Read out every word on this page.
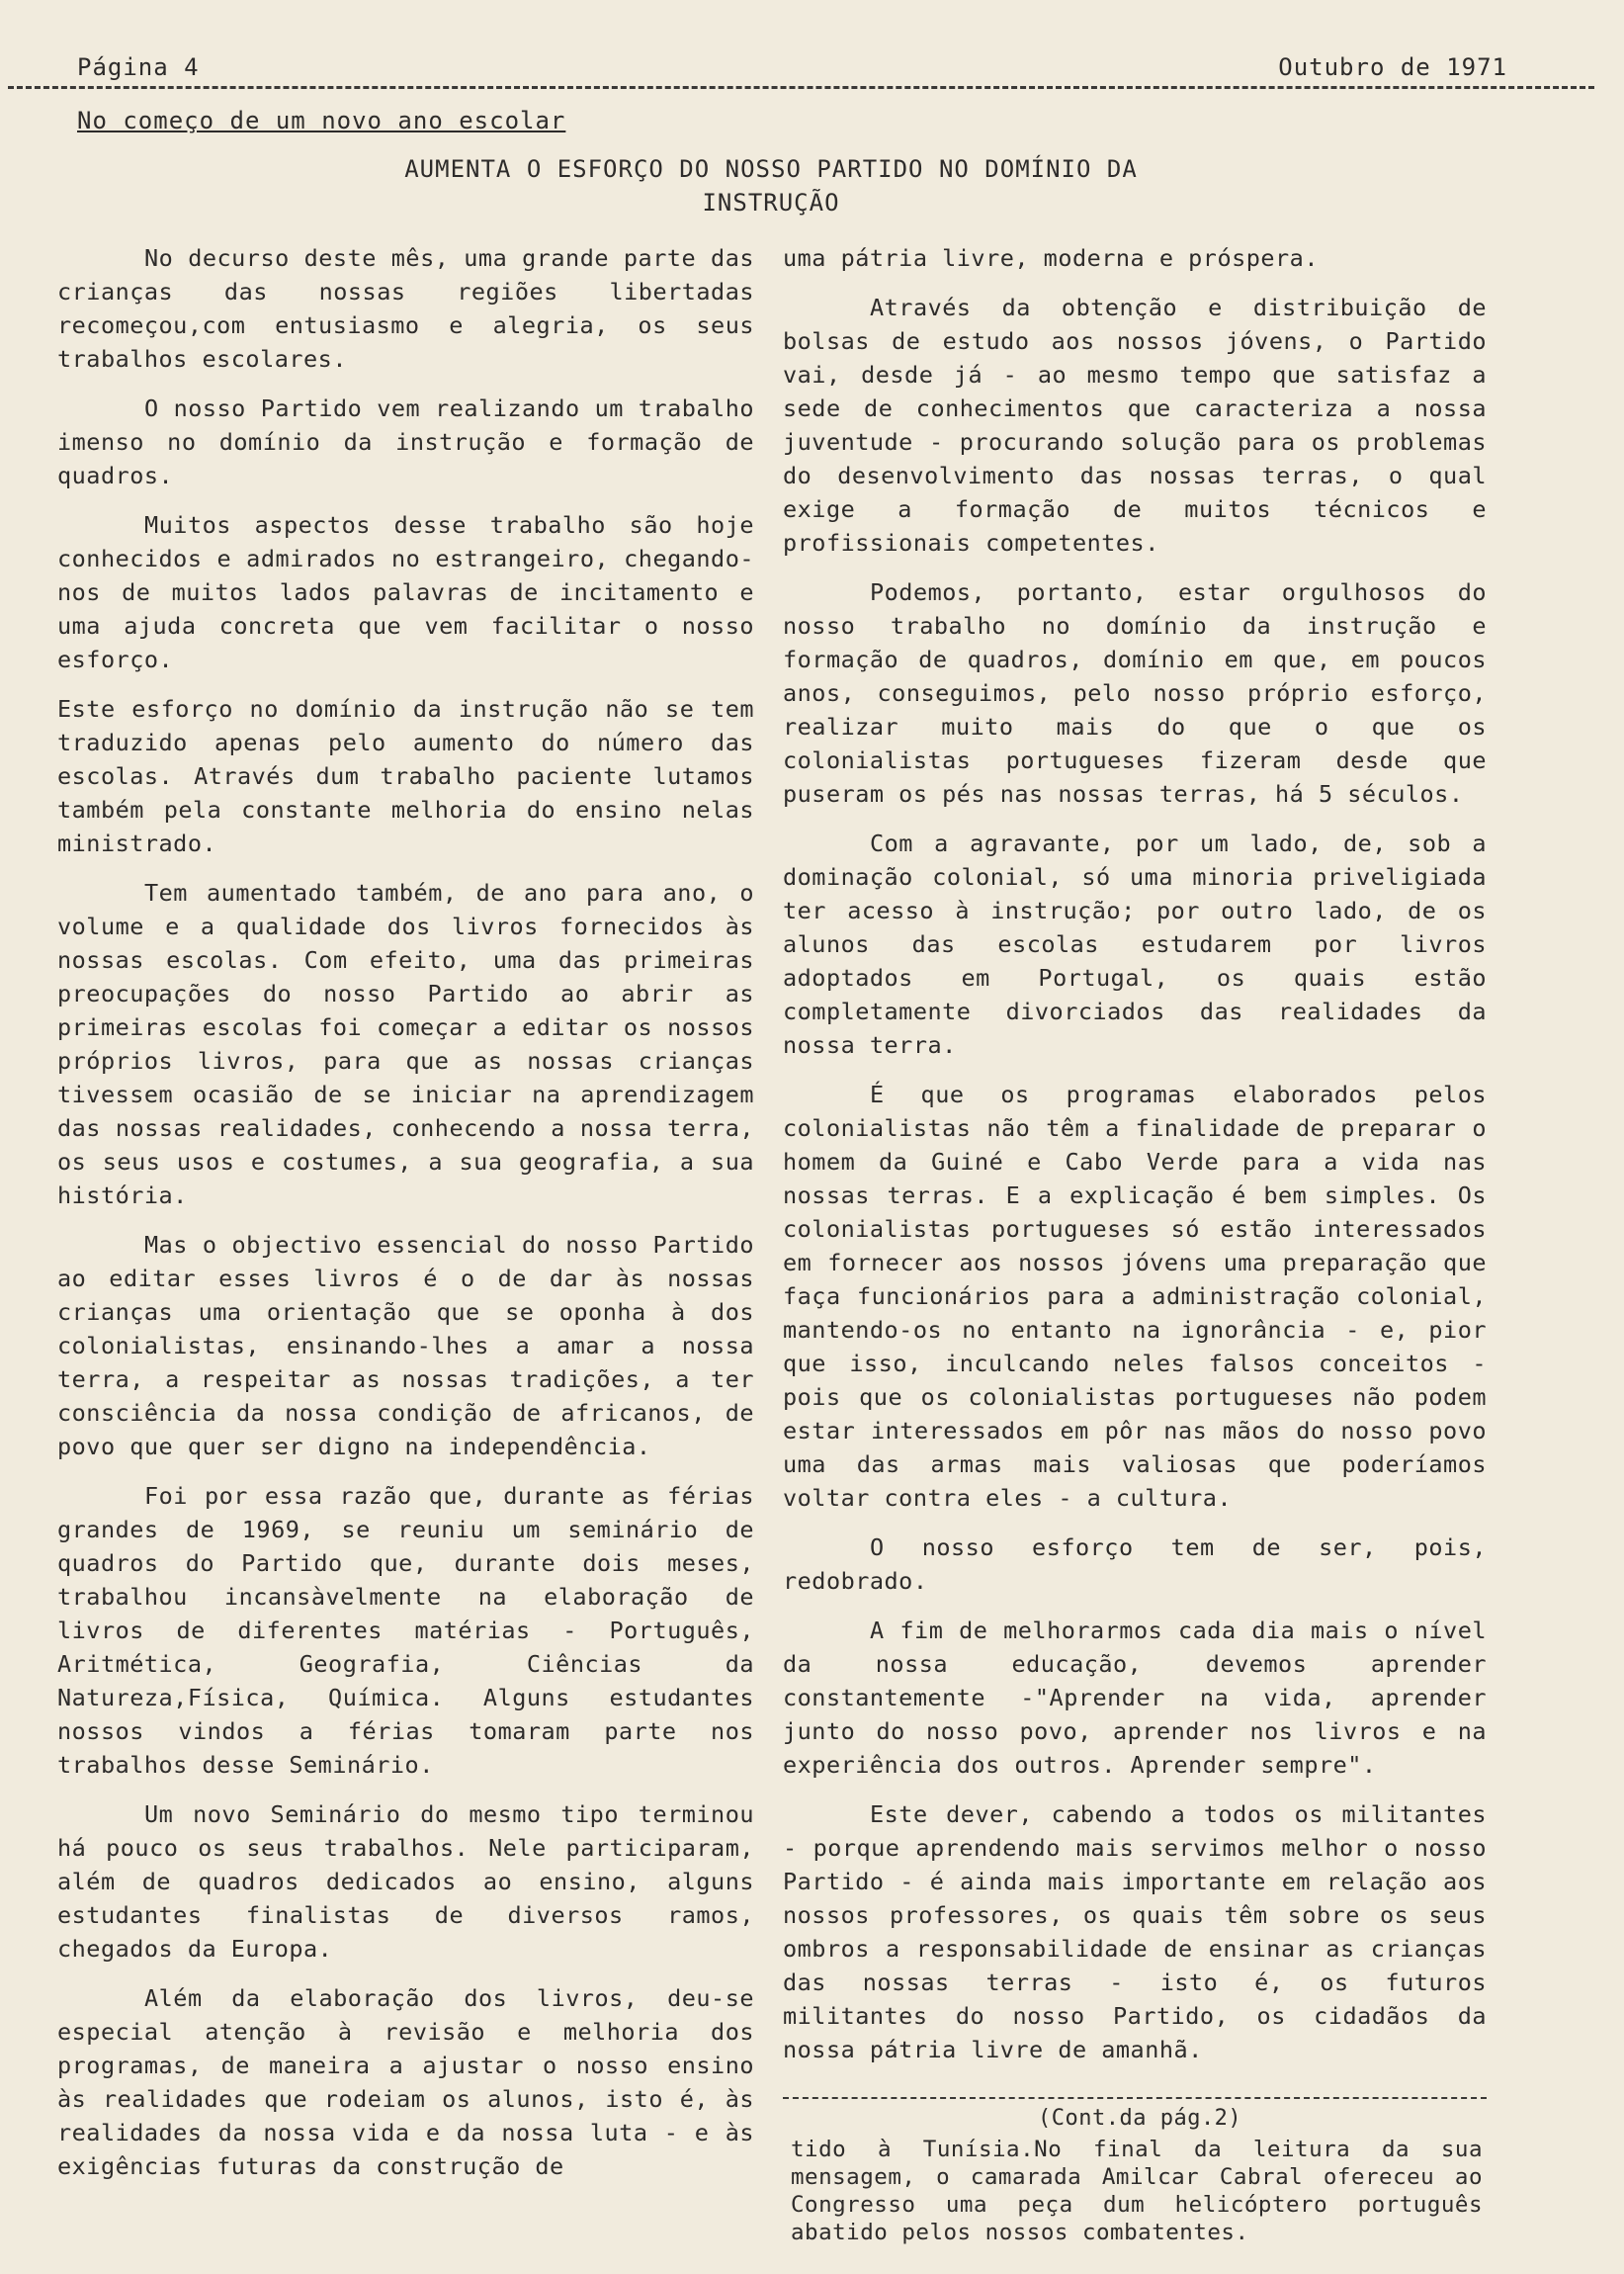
Página 4	Outubro de 1971
No começo de um novo ano escolar
AUMENTA O ESFORÇO DO NOSSO PARTIDO NO DOMÍNIO DA INSTRUÇÃO

No decurso deste mês, uma grande parte das crianças das nossas regiões libertadas recomeçou,com entusiasmo e alegria, os seus trabalhos escolares.

O nosso Partido vem realizando um trabalho imenso no domínio da instrução e formação de quadros.

Muitos aspectos desse trabalho são hoje conhecidos e admirados no estrangeiro, chegando-nos de muitos lados palavras de incitamento e uma ajuda concreta que vem facilitar o nosso esforço.

Este esforço no domínio da instrução não se tem traduzido apenas pelo aumento do número das escolas. Através dum trabalho paciente lutamos também pela constante melhoria do ensino nelas ministrado.

Tem aumentado também, de ano para ano, o volume e a qualidade dos livros fornecidos às nossas escolas. Com efeito, uma das primeiras preocupações do nosso Partido ao abrir as primeiras escolas foi começar a editar os nossos próprios livros, para que as nossas crianças tivessem ocasião de se iniciar na aprendizagem das nossas realidades, conhecendo a nossa terra, os seus usos e costumes, a sua geografia, a sua história.

Mas o objectivo essencial do nosso Partido ao editar esses livros é o de dar às nossas crianças uma orientação que se oponha à dos colonialistas, ensinando-lhes a amar a nossa terra, a respeitar as nossas tradições, a ter consciência da nossa condição de africanos, de povo que quer ser digno na independência.

Foi por essa razão que, durante as férias grandes de 1969, se reuniu um seminário de quadros do Partido que, durante dois meses, trabalhou incansàvelmente na elaboração de livros de diferentes matérias - Português, Aritmética, Geografia, Ciências da Natureza,Física, Química. Alguns estudantes nossos vindos a férias tomaram parte nos trabalhos desse Seminário.

Um novo Seminário do mesmo tipo terminou há pouco os seus trabalhos. Nele participaram, além de quadros dedicados ao ensino, alguns estudantes finalistas de diversos ramos, chegados da Europa.

Além da elaboração dos livros, deu-se especial atenção à revisão e melhoria dos programas, de maneira a ajustar o nosso ensino às realidades que rodeiam os alunos, isto é, às realidades da nossa vida e da nossa luta - e às exigências futuras da construção de

uma pátria livre, moderna e próspera.

Através da obtenção e distribuição de bolsas de estudo aos nossos jóvens, o Partido vai, desde já - ao mesmo tempo que satisfaz a sede de conhecimentos que caracteriza a nossa juventude - procurando solução para os problemas do desenvolvimento das nossas terras, o qual exige a formação de muitos técnicos e profissionais competentes.

Podemos, portanto, estar orgulhosos do nosso trabalho no domínio da instrução e formação de quadros, domínio em que, em poucos anos, conseguimos, pelo nosso próprio esforço, realizar muito mais do que o que os colonialistas portugueses fizeram desde que puseram os pés nas nossas terras, há 5 séculos.

Com a agravante, por um lado, de, sob a dominação colonial, só uma minoria priveligiada ter acesso à instrução; por outro lado, de os alunos das escolas estudarem por livros adoptados em Portugal, os quais estão completamente divorciados das realidades da nossa terra.

É que os programas elaborados pelos colonialistas não têm a finalidade de preparar o homem da Guiné e Cabo Verde para a vida nas nossas terras. E a explicação é bem simples. Os colonialistas portugueses só estão interessados em fornecer aos nossos jóvens uma preparação que faça funcionários para a administração colonial, mantendo-os no entanto na ignorância - e, pior que isso, inculcando neles falsos conceitos - pois que os colonialistas portugueses não podem estar interessados em pôr nas mãos do nosso povo uma das armas mais valiosas que poderíamos voltar contra eles - a cultura.

O nosso esforço tem de ser, pois, redobrado.

A fim de melhorarmos cada dia mais o nível da nossa educação, devemos aprender constantemente -"Aprender na vida, aprender junto do nosso povo, aprender nos livros e na experiência dos outros. Aprender sempre".

Este dever, cabendo a todos os militantes - porque aprendendo mais servimos melhor o nosso Partido - é ainda mais importante em relação aos nossos professores, os quais têm sobre os seus ombros a responsabilidade de ensinar as crianças das nossas terras - isto é, os futuros militantes do nosso Partido, os cidadãos da nossa pátria livre de amanhã.

(Cont.da pág.2)

tido à Tunísia.No final da leitura da sua mensagem, o camarada Amilcar Cabral ofereceu ao Congresso uma peça dum helicóptero português abatido pelos nossos combatentes.
